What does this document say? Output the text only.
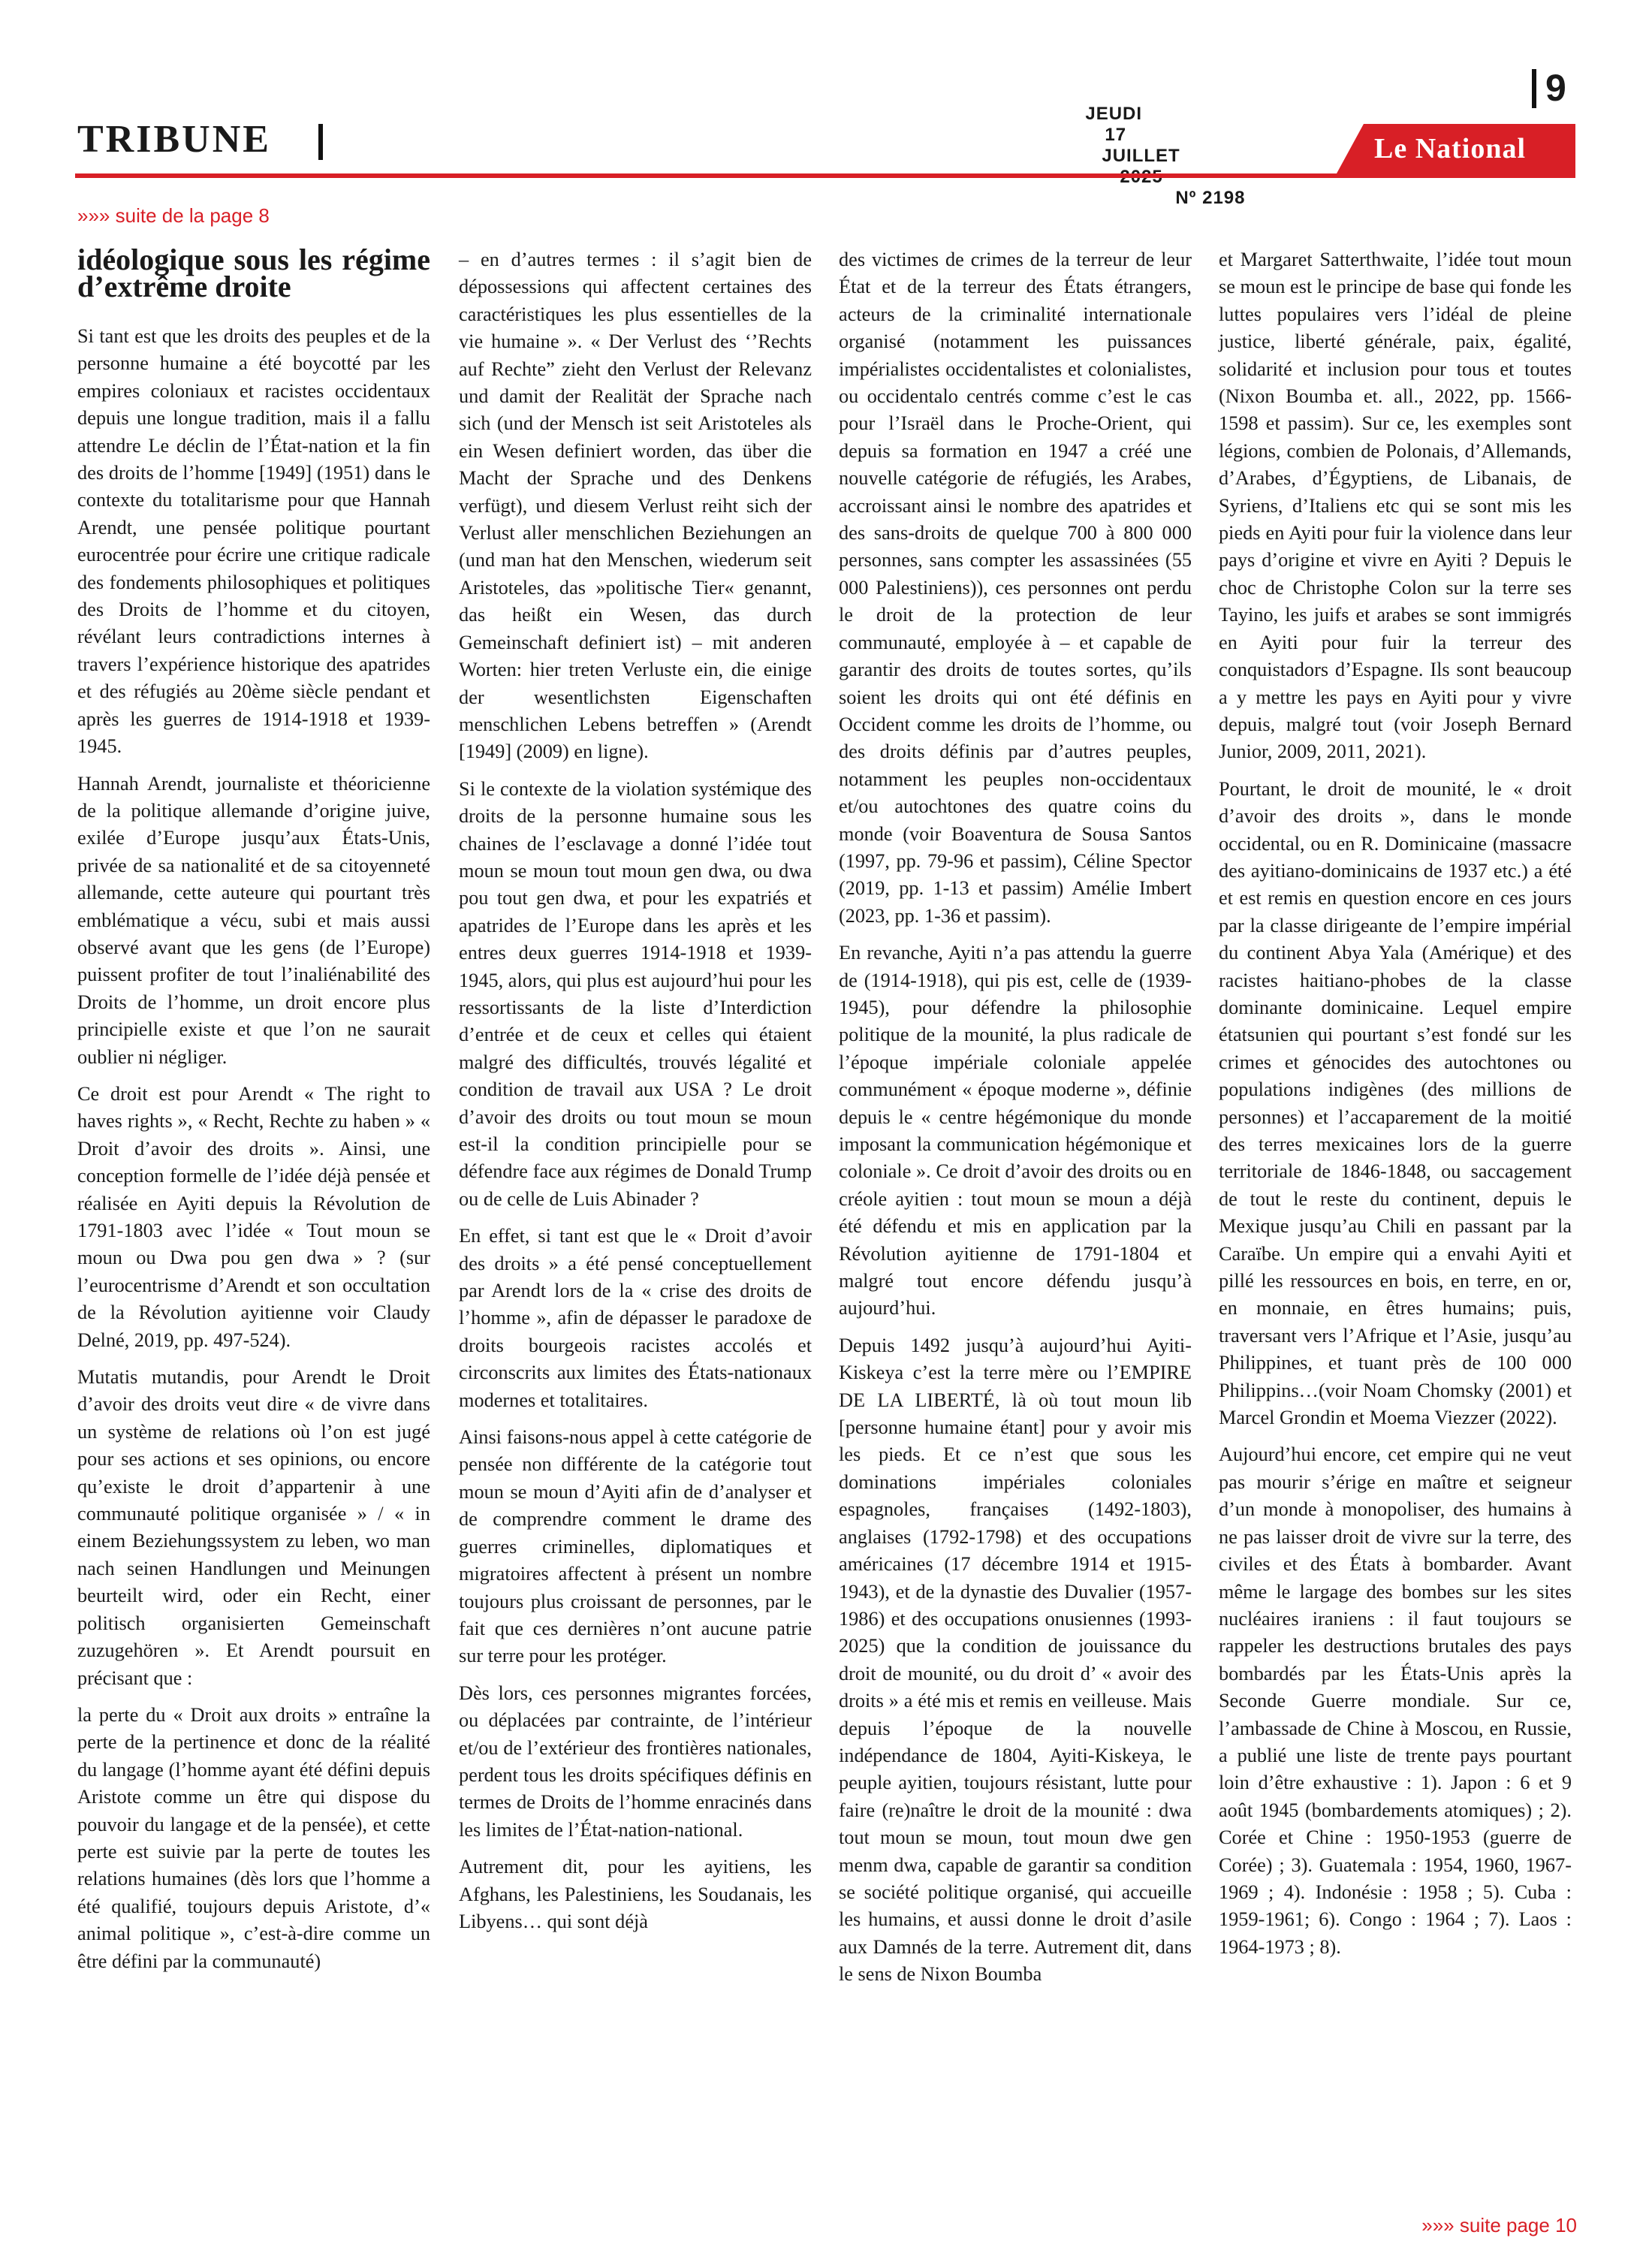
JEUDI
17
JUILLET

Nº 2198

9
TRIBUNE	Le National
»»» suite de la page 8
idéologique sous les régime d’extrême droite

Si tant est que les droits des peuples et de la personne humaine a été boycotté par les empires coloniaux et racistes occidentaux depuis une longue tradition, mais il a fallu attendre Le déclin de l’État-nation et la fin des droits de l’homme [1949] (1951) dans le contexte du totalitarisme pour que Hannah Arendt, une pensée politique pourtant eurocentrée pour écrire une critique radicale des fondements philosophiques et politiques des Droits de l’homme et du citoyen, révélant leurs contradictions internes à travers l’expérience historique des apatrides et des réfugiés au 20ème siècle pendant et après les guerres de 1914-1918 et 1939-1945.

Hannah Arendt, journaliste et théoricienne de la politique allemande d’origine juive, exilée d’Europe jusqu’aux États-Unis, privée de sa nationalité et de sa citoyenneté allemande, cette auteure qui pourtant très emblématique a vécu, subi et mais aussi observé avant que les gens (de l’Europe) puissent profiter de tout l’inaliénabilité des Droits de l’homme, un droit encore plus principielle existe et que l’on ne saurait oublier ni négliger.

Ce droit est pour Arendt « The right to haves rights », « Recht, Rechte zu haben » « Droit d’avoir des droits ». Ainsi, une conception formelle de l’idée déjà pensée et réalisée en Ayiti depuis la Révolution de 1791-1803 avec l’idée « Tout moun se moun ou Dwa pou gen dwa » ? (sur l’eurocentrisme d’Arendt et son occultation de la Révolution ayitienne voir Claudy Delné, 2019, pp. 497-524).

Mutatis mutandis, pour Arendt le Droit d’avoir des droits veut dire « de vivre dans un système de relations où l’on est jugé pour ses actions et ses opinions, ou encore qu’existe le droit d’appartenir à une communauté politique organisée » / « in einem Beziehungssystem zu leben, wo man nach seinen Handlungen und Meinungen beurteilt wird, oder ein Recht, einer politisch organisierten Gemeinschaft zuzugehören ». Et Arendt poursuit en précisant que :

la perte du « Droit aux droits » entraîne la perte de la pertinence et donc de la réalité du langage (l’homme ayant été défini depuis Aristote comme un être qui dispose du pouvoir du langage et de la pensée), et cette perte est suivie par la perte de toutes les relations humaines (dès lors que l’homme a été qualifié, toujours depuis Aristote, d’« animal politique », c’est-à-dire comme un être défini par la communauté)

– en d’autres termes : il s’agit bien de dépossessions qui affectent certaines des caractéristiques les plus essentielles de la vie humaine ». « Der Verlust des ‘’Rechts auf Rechte” zieht den Verlust der Relevanz und damit der Realität der Sprache nach sich (und der Mensch ist seit Aristoteles als ein Wesen definiert worden, das über die Macht der Sprache und des Denkens verfügt), und diesem Verlust reiht sich der Verlust aller menschlichen Beziehungen an (und man hat den Menschen, wiederum seit Aristoteles, das »politische Tier« genannt, das heißt ein Wesen, das durch Gemeinschaft definiert ist) – mit anderen Worten: hier treten Verluste ein, die einige der wesentlichsten Eigenschaften menschlichen Lebens betreffen » (Arendt [1949] (2009) en ligne).

Si le contexte de la violation systémique des droits de la personne humaine sous les chaines de l’esclavage a donné l’idée tout moun se moun tout moun gen dwa, ou dwa pou tout gen dwa, et pour les expatriés et apatrides de l’Europe dans les après et les entres deux guerres 1914-1918 et 1939-1945, alors, qui plus est aujourd’hui pour les ressortissants de la liste d’Interdiction d’entrée et de ceux et celles qui étaient malgré des difficultés, trouvés légalité et condition de travail aux USA ? Le droit d’avoir des droits ou tout moun se moun est-il la condition principielle pour se défendre face aux régimes de Donald Trump ou de celle de Luis Abinader ?

En effet, si tant est que le « Droit d’avoir des droits » a été pensé conceptuellement par Arendt lors de la « crise des droits de l’homme », afin de dépasser le paradoxe de droits bourgeois racistes accolés et circonscrits aux limites des États-nationaux modernes et totalitaires.

Ainsi faisons-nous appel à cette catégorie de pensée non différente de la catégorie tout moun se moun d’Ayiti afin de d’analyser et de comprendre comment le drame des guerres criminelles, diplomatiques et migratoires affectent à présent un nombre toujours plus croissant de personnes, par le fait que ces dernières n’ont aucune patrie sur terre pour les protéger.

Dès lors, ces personnes migrantes forcées, ou déplacées par contrainte, de l’intérieur et/ou de l’extérieur des frontières nationales, perdent tous les droits spécifiques définis en termes de Droits de l’homme enracinés dans les limites de l’État-nation-national.

Autrement dit, pour les ayitiens, les Afghans, les Palestiniens, les Soudanais, les Libyens… qui sont déjà

des victimes de crimes de la terreur de leur État et de la terreur des États étrangers, acteurs de la criminalité internationale organisé (notamment les puissances impérialistes occidentalistes et colonialistes, ou occidentalo centrés comme c’est le cas pour l’Israël dans le Proche-Orient, qui depuis sa formation en 1947 a créé une nouvelle catégorie de réfugiés, les Arabes, accroissant ainsi le nombre des apatrides et des sans-droits de quelque 700 à 800 000 personnes, sans compter les assassinées (55 000 Palestiniens)), ces personnes ont perdu le droit de la protection de leur communauté, employée à – et capable de garantir des droits de toutes sortes, qu’ils soient les droits qui ont été définis en Occident comme les droits de l’homme, ou des droits définis par d’autres peuples, notamment les peuples non-occidentaux et/ou autochtones des quatre coins du monde (voir Boaventura de Sousa Santos (1997, pp. 79-96 et passim), Céline Spector (2019, pp. 1-13 et passim) Amélie Imbert (2023, pp. 1-36 et passim).

En revanche, Ayiti n’a pas attendu la guerre de (1914-1918), qui pis est, celle de (1939-1945), pour défendre la philosophie politique de la mounité, la plus radicale de l’époque impériale coloniale appelée communément « époque moderne », définie depuis le « centre hégémonique du monde imposant la communication hégémonique et coloniale ». Ce droit d’avoir des droits ou en créole ayitien : tout moun se moun a déjà été défendu et mis en application par la Révolution ayitienne de 1791-1804 et malgré tout encore défendu jusqu’à aujourd’hui.

Depuis 1492 jusqu’à aujourd’hui Ayiti-Kiskeya c’est la terre mère ou l’EMPIRE DE LA LIBERTÉ, là où tout moun lib [personne humaine étant] pour y avoir mis les pieds. Et ce n’est que sous les dominations impériales coloniales espagnoles, françaises (1492-1803), anglaises (1792-1798) et des occupations américaines (17 décembre 1914 et 1915-1943), et de la dynastie des Duvalier (1957-1986) et des occupations onusiennes (1993-2025) que la condition de jouissance du droit de mounité, ou du droit d’ « avoir des droits » a été mis et remis en veilleuse. Mais depuis l’époque de la nouvelle indépendance de 1804, Ayiti-Kiskeya, le peuple ayitien, toujours résistant, lutte pour faire (re)naître le droit de la mounité : dwa tout moun se moun, tout moun dwe gen menm dwa, capable de garantir sa condition se société politique organisé, qui accueille les humains, et aussi donne le droit d’asile aux Damnés de la terre. Autrement dit, dans le sens de Nixon Boumba

et Margaret Satterthwaite, l’idée tout moun se moun est le principe de base qui fonde les luttes populaires vers l’idéal de pleine justice, liberté générale, paix, égalité, solidarité et inclusion pour tous et toutes (Nixon Boumba et. all., 2022, pp. 1566-1598 et passim). Sur ce, les exemples sont légions, combien de Polonais, d’Allemands, d’Arabes, d’Égyptiens, de Libanais, de Syriens, d’Italiens etc qui se sont mis les pieds en Ayiti pour fuir la violence dans leur pays d’origine et vivre en Ayiti ? Depuis le choc de Christophe Colon sur la terre ses Tayino, les juifs et arabes se sont immigrés en Ayiti pour fuir la terreur des conquistadors d’Espagne. Ils sont beaucoup a y mettre les pays en Ayiti pour y vivre depuis, malgré tout (voir Joseph Bernard Junior, 2009, 2011, 2021).

Pourtant, le droit de mounité, le « droit d’avoir des droits », dans le monde occidental, ou en R. Dominicaine (massacre des ayitiano-dominicains de 1937 etc.) a été et est remis en question encore en ces jours par la classe dirigeante de l’empire impérial du continent Abya Yala (Amérique) et des racistes haitiano-phobes de la classe dominante dominicaine. Lequel empire étatsunien qui pourtant s’est fondé sur les crimes et génocides des autochtones ou populations indigènes (des millions de personnes) et l’accaparement de la moitié des terres mexicaines lors de la guerre territoriale de 1846-1848, ou saccagement de tout le reste du continent, depuis le Mexique jusqu’au Chili en passant par la Caraïbe. Un empire qui a envahi Ayiti et pillé les ressources en bois, en terre, en or, en monnaie, en êtres humains; puis, traversant vers l’Afrique et l’Asie, jusqu’au Philippines, et tuant près de 100 000 Philippins…(voir Noam Chomsky (2001) et Marcel Grondin et Moema Viezzer (2022).

Aujourd’hui encore, cet empire qui ne veut pas mourir s’érige en maître et seigneur d’un monde à monopoliser, des humains à ne pas laisser droit de vivre sur la terre, des civiles et des États à bombarder. Avant même le largage des bombes sur les sites nucléaires iraniens : il faut toujours se rappeler les destructions brutales des pays bombardés par les États-Unis après la Seconde Guerre mondiale. Sur ce, l’ambassade de Chine à Moscou, en Russie, a publié une liste de trente pays pourtant loin d’être exhaustive : 1). Japon : 6 et 9 août 1945 (bombardements atomiques) ; 2). Corée et Chine : 1950-1953 (guerre de Corée) ; 3). Guatemala : 1954, 1960, 1967-1969 ; 4). Indonésie : 1958 ; 5). Cuba : 1959-1961; 6). Congo : 1964 ; 7). Laos : 1964-1973 ; 8).

»»» suite page 10
